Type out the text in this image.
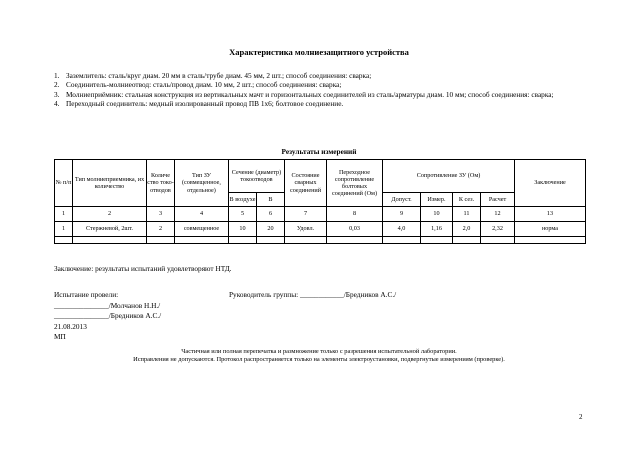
Характеристика молниезащитного устройства
1. Заземлитель: сталь/круг диам. 20 мм в сталь/трубе диам. 45 мм, 2 шт.; способ соединения: сварка;
2. Соединитель-молниеотвод: сталь/провод диам. 10 мм, 2 шт.; способ соединения: сварка;
3. Молниеприёмник: стальная конструкция из вертикальных мачт и горизонтальных соединителей из сталь/арматуры диам. 10 мм; способ соединения: сварка;
4. Переходный соединитель: медный изолированный провод ПВ 1х6; болтовое соединение.
Результаты измерений
№ п/п	Тип молниеприемника, их количество	Количе ство токо-отводов	Тип ЗУ (совмещенное, отдельное)	Сечение (диаметр) токоотводов		Состояние сварных соединений	Переходное сопротивление болтовых соединений (Ом)	Сопротивление ЗУ (Ом)				Заключение
				В воздухе	В			Допуст.	Измер.	К сез.	Расчет	
1	2	3	4	5	6	7	8	9	10	11	12	13
1	Стержневой, 2шт.	2	совмещенное	10	20	Удовл.	0,03	4,0	1,16	2,0	2,32	норма

Заключение: результаты испытаний удовлетворяют НТД.
Испытание провели:
_______________/Молчанов Н.Н./
_______________/Бредников А.С./
21.08.2013
МП
Руководитель группы: ____________/Бредников А.С./
Частичная или полная перепечатка и размножение только с разрешения испытательной лаборатории.
Исправления не допускаются. Протокол распространяется только на элементы электроустановки, подвергнутые измерениям (проверке).
2
